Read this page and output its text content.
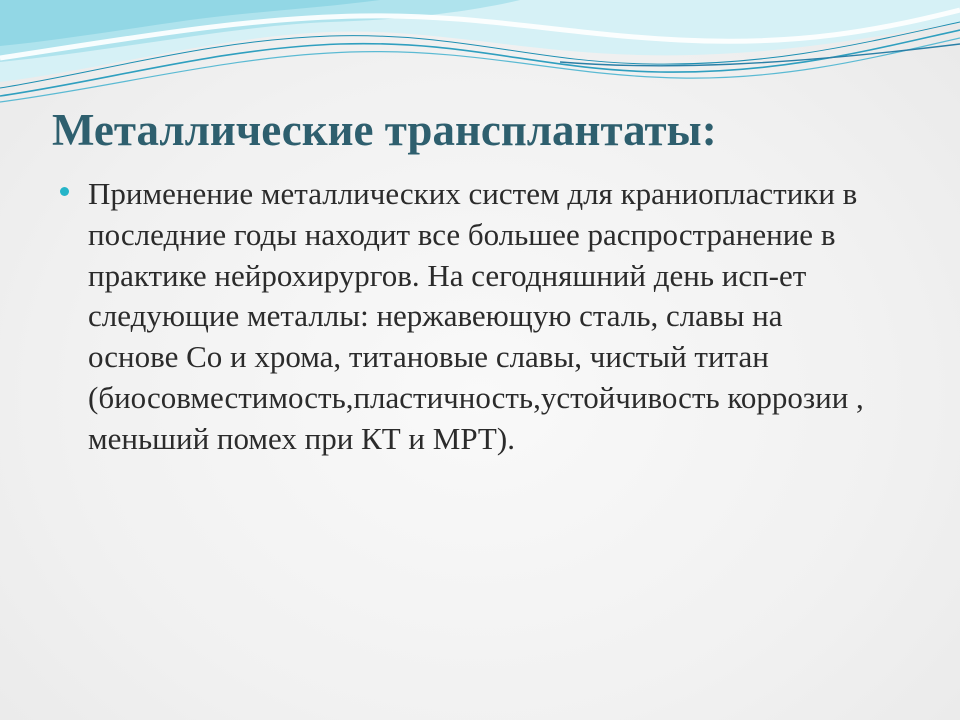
Металлические трансплантаты:
Применение металлических систем для краниопластики в последние годы находит все большее распространение в практике нейрохирургов. На сегодняшний день исп-ет следующие металлы: нержавеющую сталь, славы на основе Co и хрома, титановые славы, чистый титан (биосовместимость,пластичность,устойчивость коррозии , меньший помех при КТ и МРТ).
